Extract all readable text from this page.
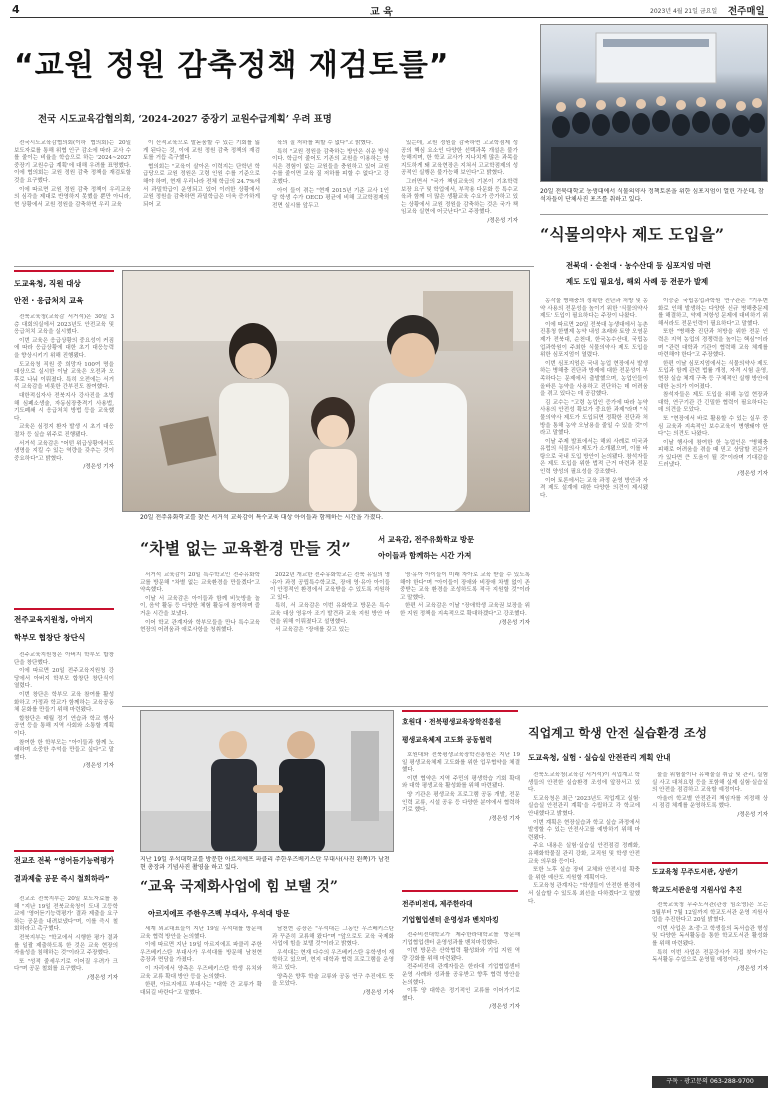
4	교 육	2023년 4월 21일 금요일 전주매일
“교원 정원 감축정책 재검토를”
전국 시도교육감협의회, ‘2024-2027 중장기 교원수급계획’ 우려 표명

전국시도교육감협의회(이하 협의회)는 20일 보도자료를 통해 위협 인구 감소에 따라 교사 수를 줄이는 비율을 학습으로 하는 '2024~2027 중장기 교원수급 계획'에 대해 우려를 표명했다. 이에 협의회는 교원 정원 감축 정책을 재검토할 것을 요구했다.

이에 따르면 교원 정원 감축 정책이 우리교육의 심각을 제대로 반영하지 못했을 뿐만 아니라, 현 상황에서 교원 정원을 감축하면 우리 교육

이 산적교육으로 발돋움할 수 있는 기회를 잃게 된다는 것, 이에 교원 정원 감축 정책의 재검토를 거듭 촉구했다.

협의회는 "교육이 살아온 이력지는 단학년 학급당으로 교원 정원은 고령 인원 수를 기준으로 해야 하며, 현재 우리나라 전체 학급의 24.7%에서 과밀학급이 운영되고 있어 이러한 상황에서 교원 정원을 감축하면 과밀학급은 더욱 증가하게 되어 교

육의 질 저하를 피할 수 없다"고 밝혔다.

특히 "교원 정원을 감축하는 방안은 쉬운 방식이다. 학급이 줄어도 기존의 교원을 이용하는 방식은 경험이 없는 교원들을 충원하고 있어 교원 수를 줄이면 교육 질 저하를 피할 수 없다"고 강조했다.

아이 들이 겪는 "현재 2015년 기준 교사 1인당 학생 수가 OECD 평균에 비해 고교학점제의 전면 실시를 앞두고

있는데, 교원 정원을 감축하면 고교학점제 성공의 핵심 요소인 다양한 선택과목 개설은 불가능해지며, 한 학교 교사가 지나치게 많은 과목을 지도하게 돼 교육현장은 지쳐서 고교학점제의 성공적인 실행은 불가능해 보인다"고 밝혔다.

그러면서 "국가 책임교육의 기본이 기초학력 보장 요구 및 학업에서, 부작용 다문화 등 특수교육과 함께 더 많은 생활교육 수요가 증가하고 있는 상황에서 교원 정원을 감축하는 것은 국가 책임교육 실현에 어긋난다"고 주장했다.

/정은성 기자
20일 전북대학교 농생대에서 식물의약사 정책토론을 위한 심포지엄이 열린 가운데, 참석자들이 단체사진 포즈를 취하고 있다.
“식물의약사 제도 도입을”
전북대 · 순천대 · 농수산대 등 심포지엄 마련
제도 도입 필요성, 해외 사례 등 전문가 발제

농작물 병해충의 정확한 진단과 처방 및 농약 사용의 전문성을 높이기 위한 '식물의약사 제도' 도입이 필요하다는 주장이 나왔다.

이에 따르면 20일 전북대 농생대에서 농촌진흥청 한별제 농약 내성 초래와 토양 오염문제가 전북대, 순천대, 한국농수산대, 국립농업과학원이 주최한 식물의약사 제도 도입을 위한 심포지엄이 열렸다.

이번 심포지엄은 국내 농업 현장에서 발생하는 병해충 진단과 방제에 대한 전문성이 부족하다는 문제에서 출발했으며, 농업인들이 올바른 농약을 사용하고 진단하는 데 어려움을 겪고 있다는 데 공감했다.

김 교수는 "고령 농업인 증가에 따라 농약 사용의 안전성 확보가 중요한 과제"라며 "식물의약사 제도가 도입되면 정확한 진단과 처방을 통해 농약 오남용을 줄일 수 있을 것"이라고 말했다.

이날 주제 발표에서는 해외 사례로 미국과 유럽의 식물의사 제도가 소개됐으며, 이를 바탕으로 국내 도입 방안이 논의됐다. 참석자들은 제도 도입을 위한 법적 근거 마련과 전문 인력 양성의 필요성을 강조했다.

이어 토론에서는 교육 과정 운영 방안과 자격 제도 설계에 대한 다양한 의견이 제시됐다.

이승준 국립농업과학원 연구관은 "기후변화로 인해 발생하는 다양한 신규 병해충문제를 해결하고, 약제 저항성 문제에 대비하기 위해서라도 전문인력이 필요하다"고 말했다.

또한 "병해충 진단과 처방을 위한 전문 인력은 지역 농업의 경쟁력을 높이는 핵심"이라며 "관련 대학과 기관이 협력해 교육 체계를 마련해야 한다"고 주장했다.

한편 이날 심포지엄에서는 식물의약사 제도 도입과 함께 관련 법률 개정, 자격 시험 운영, 현장 실습 체계 구축 등 구체적인 실행 방안에 대한 논의가 이어졌다.

참석자들은 제도 도입을 위해 농업 현장과 대학, 연구기관 간 긴밀한 협력이 필요하다는 데 의견을 모았다.

또 "현장에서 바로 활용할 수 있는 실무 중심 교육과 지속적인 보수교육이 병행돼야 한다"는 의견도 나왔다.

이날 행사에 참여한 한 농업인은 "병해충 피해로 어려움을 겪을 때 믿고 상담할 전문가가 있다면 큰 도움이 될 것"이라며 기대감을 드러냈다.

/정은성 기자
도교육청, 직원 대상
안전 · 응급처치 교육

전북교육청(교육감 서거석)은 30일 3층 대회의실에서 2023년도 안전교육 및 응급처치 교육을 실시했다.

이번 교육은 응급상황의 중요성이 커짐에 따라 응급상황에 대한 초기 대응능력을 향상시키기 위해 진행됐다.

도교육청 직원 중 희망자 100여 명을 대상으로 실시한 이날 교육은 오전과 오후로 나눠 이뤄졌다. 특히 오전에는 서거석 교육감을 비롯한 간부진도 참여했다.

대한적십자사 전북지사 강사진을 초빙해 심폐소생술, 자동심장충격기 사용법, 기도폐쇄 시 응급처치 방법 등을 교육했다.

교육은 심정지 환자 발생 시 초기 대응 절차 등 실습 위주로 진행됐다.

서거석 교육감은 "어떤 위급상황에서도 생명을 지킬 수 있는 역량을 갖추는 것이 중요하다"고 밝혔다.

/정은성 기자
20일 전주유화학교를 찾은 서거석 교육감이 특수교육 대상 아이들과 함께하는 시간을 가졌다.
“차별 없는 교육환경 만들 것”	서 교육감, 전주유화학교 방문
아이들과 함께하는 시간 가져

서거석 교육감이 20일 특수학교인 전주유화학교를 방문해 "차별 없는 교육환경을 만들겠다"고 약속했다.

이날 서 교육감은 아이들과 함께 비눗방울 놀이, 음악 활동 등 다양한 체험 활동에 참여하며 즐거운 시간을 보냈다.

이어 학교 관계자와 학부모들을 만나 특수교육 현장의 어려움과 애로사항을 청취했다.

2022년 개교한 전주유화학교는 전북 유일의 영·유아 과정 공립특수학교로, 장애 영·유아 아이들이 안정적인 환경에서 교육받을 수 있도록 지원하고 있다.

특히, 서 교육감은 이번 유화학교 방문은 특수교육 대상 영유아 조기 발견과 교육 지원 방안 마련을 위해 이뤄졌다고 설명했다.

서 교육감은 "장애를 갖고 있는

영·유아 아이들이 미래 자아로 교육 받을 수 있도록 해야 한다"며 "아이들이 장애와 비장애 차별 없이 존중받는 교육 환경을 조성하도록 적극 지원할 것"이라고 말했다.

한편 서 교육감은 이날 "장애학생 교육권 보장을 위한 지원 정책을 지속적으로 확대하겠다"고 강조했다.

/정은성 기자
전주교육지원청, 아버지
학부모 협창단 창단식

전주교육지원청은 아버지 학부모 합창단을 창단했다.

이에 따르면 20일 전주교육지원청 강당에서 아버지 학부모 합창단 창단식이 열렸다.

이번 창단은 학부모 교육 참여를 활성화하고 가정과 학교가 함께하는 교육공동체 문화를 만들기 위해 마련됐다.

합창단은 매월 정기 연습과 학교 행사 공연 등을 통해 지역 사회와 소통할 계획이다.

참여한 한 학부모는 "아이들과 함께 노래하며 소중한 추억을 만들고 싶다"고 말했다.

/정은성 기자
호원대 · 전북평생교육장학진흥원
평생교육체제 고도화 공동협력

호원대와 전북평생교육장학진흥원은 지난 19일 평생교육체제 고도화를 위한 업무협약을 체결했다.

이번 협약은 지역 주민의 평생학습 기회 확대와 대학 평생교육 활성화를 위해 마련됐다.

양 기관은 평생교육 프로그램 공동 개발, 전문 인력 교류, 시설 공유 등 다양한 분야에서 협력하기로 했다.

/정은성 기자
직업계고 학생 안전 실습환경 조성
도교육청, 실험 · 실습실 안전관리 계획 안내

전북도교육청(교육감 서거석)이 직업계고 학생들의 안전한 실습환경 조성에 앞장서고 있다.

도교육청은 최근 '2023년도 직업계고 실험·실습실 안전관리 계획'을 수립하고 각 학교에 안내했다고 밝혔다.

이번 계획은 현장실습과 학교 실습 과정에서 발생할 수 있는 안전사고를 예방하기 위해 마련됐다.

주요 내용은 실험·실습실 안전점검 정례화, 유해화학물질 관리 강화, 교직원 및 학생 안전교육 의무화 등이다.

또한 노후 실습 장비 교체와 안전시설 확충을 위한 예산도 지원할 계획이다.

도교육청 관계자는 "학생들이 안전한 환경에서 실습할 수 있도록 최선을 다하겠다"고 말했다.

물을 위험물이나 유해물질 취급 및 관리, 실험실 사고 대처요령 등을 포함해 실제 실험·실습실의 안전을 점검하고 교육할 예정이다.

아울러 학교별 안전관리 책임자를 지정해 상시 점검 체계를 운영하도록 했다.

/정은성 기자
지난 19일 우석대학교를 방문한 아르지에프 파클리 주한우즈베키스탄 부대사(사진 왼쪽)가 남천현 총장과 기념사진 촬영을 하고 있다.
전교조 전북 “영어듣기능력평가
결과제출 공문 즉시 철회하라”

전교조 전북지부는 20일 보도자료를 통해 "지난 19일 전북교육청이 도내 고등학교에 '영어듣기능력평가' 결과 제출을 요구하는 공문을 내려보냈다"며, 이를 즉시 철회하라고 촉구했다.

전북지부는 "학교에서 시행한 평가 결과를 일괄 제출하도록 한 것은 교육 현장의 자율성을 침해하는 것"이라고 주장했다.

또 "성적 줄세우기로 이어질 우려가 크다"며 공문 철회를 요구했다.

/정은성 기자
“교육 국제화사업에 힘 보탤 것”
아르지에프 주한우즈벡 부대사, 우석대 방문

세계 외교대표들이 지난 19일 우석대를 방문해 교육 협력 방안을 논의했다.

이에 따르면 지난 19일 아르지에프 파클리 주한우즈베키스탄 부대사가 우석대를 방문해 남천현 총장과 면담을 가졌다.

이 자리에서 양측은 우즈베키스탄 학생 유치와 교육 교류 확대 방안 등을 논의했다.

한편, 아르지에프 부대사는 "대학 간 교류가 확대되길 바란다"고 말했다.

남천현 총장은 "우석대는 그동안 우즈베키스탄과 꾸준히 교류해 왔다"며 "앞으로도 교육 국제화사업에 힘을 보탤 것"이라고 밝혔다.

우석대는 현재 다수의 우즈베키스탄 유학생이 재학하고 있으며, 현지 대학과 협력 프로그램을 운영하고 있다.

양측은 향후 학술 교류와 공동 연구 추진에도 뜻을 모았다.

/정은성 기자
전주비전대, 제주한라대
기업협업센터 운영성과 벤치마킹

전주비전대학교가 제주한라대학교를 방문해 기업협업센터 운영성과를 벤치마킹했다.

이번 방문은 산학협력 활성화와 기업 지원 역량 강화를 위해 마련됐다.

전주비전대 관계자들은 한라대 기업협업센터 운영 사례와 성과를 공유받고 향후 협력 방안을 논의했다.

이후 양 대학은 정기적인 교류를 이어가기로 했다.

/정은성 기자
도교육청 무주도서관, 상반기
학교도서관운영 지원사업 추진

전북교육청 무주도서관(관장 임소영)은 오는 5월부터 7월 12일까지 학교도서관 운영 지원사업을 추진한다고 20일 밝혔다.

이번 사업은 초·중·고 학생들의 독서습관 형성 및 다양한 독서활동을 통한 학교도서관 활성화를 위해 마련됐다.

특히 이번 사업은 전문강사가 직접 찾아가는 독서활동 수업으로 운영될 예정이다.

/정은성 기자
구독 · 광고문의 063-288-9700
